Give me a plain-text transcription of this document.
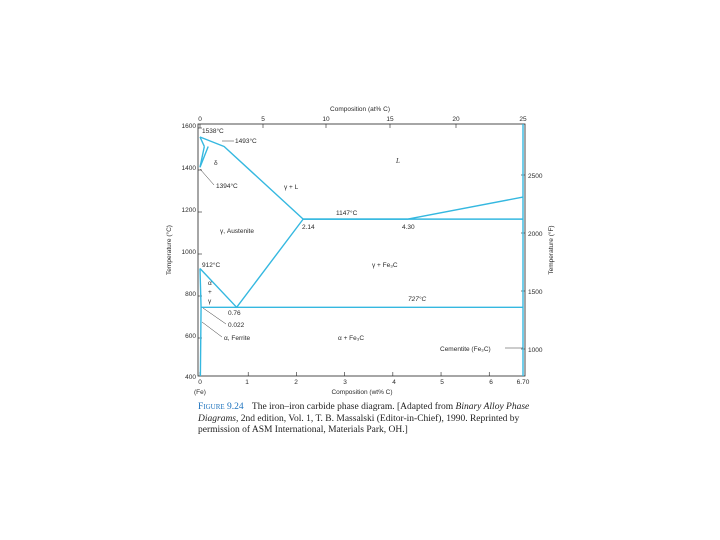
Composition (at% C)
0	5	10	15	20	25
Temperature (°C)
1600
1400
1200
1000
800
600
400
Temperature (°F)
2500
2000
1500
1000
0	1	2	3	4	5	6	6.70
(Fe)	Composition (wt% C)
1538°C
1493°C
δ
1394°C
L
γ + L
1147°C
2.14	4.30
γ, Austenite
γ + Fe₃C
912°C
α
+
γ	727°C
0.76
0.022
α, Ferrite	α + Fe₃C
Cementite (Fe₃C)
Figure 9.24 The iron–iron carbide phase diagram. [Adapted from Binary Alloy Phase Diagrams, 2nd edition, Vol. 1, T. B. Massalski (Editor-in-Chief), 1990. Reprinted by permission of ASM International, Materials Park, OH.]
